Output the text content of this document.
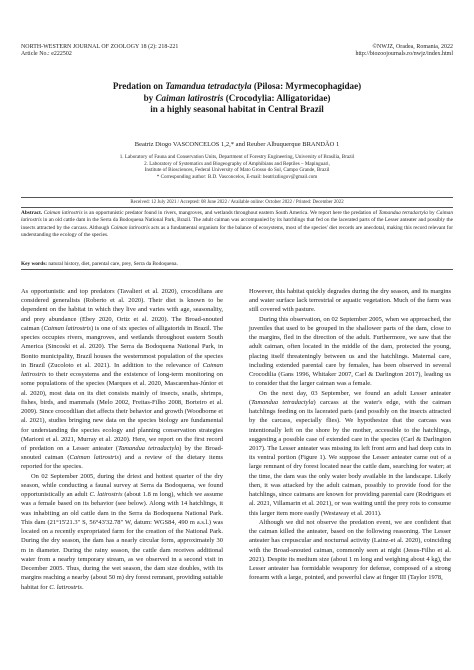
NORTH-WESTERN JOURNAL OF ZOOLOGY 18 (2): 218-221
Article No.: e222502
©NWJZ, Oradea, Romania, 2022
http://biozoojournals.ro/nwjz/index.html
Predation on Tamandua tetradactyla (Pilosa: Myrmecophagidae)
by Caiman latirostris (Crocodylia: Alligatoridae)
in a highly seasonal habitat in Central Brazil
Beatriz Diogo VASCONCELOS 1,2,* and Reuber Albuquerque BRANDÃO 1
1. Laboratory of Fauna and Conservation Units, Department of Forestry Engineering, University of Brasília, Brazil
2. Laboratory of Systematics and Biogeography of Amphibians and Reptiles – Mapinguari,
Institute of Biosciences, Federal University of Mato Grosso do Sul, Campo Grande, Brazil
* Corresponding author: B.D. Vasconcelos, E-mail: beatrizdiogov@gmail.com
Received: 12 July 2021 / Accepted: 08 June 2022 / Available online: October 2022 / Printed: December 2022
Abstract. Caiman latirostris is an opportunistic predator found in rivers, mangroves, and wetlands throughout eastern South America. We report here the predation of Tamandua tetradactyla by Caiman latirostris in an old cattle dam in the Serra da Bodoquena National Park, Brazil. The adult caiman was accompanied by its hatchlings that fed on the lacerated parts of the Lesser anteater and possibly the insects attracted by the carcass. Although Caiman latirostris acts as a fundamental organism for the balance of ecosystems, most of the species' diet records are anecdotal, making this record relevant for understanding the ecology of the species.
Key words: natural history, diet, parental care, prey, Serra da Bodoquena.

As opportunistic and top predators (Tavalieri et al. 2020), crocodilians are considered generalists (Roberto et al. 2020). Their diet is known to be dependent on the habitat in which they live and varies with age, seasonality, and prey abundance (Ebey 2020, Ortiz et al. 2020). The Broad-snouted caiman (Caiman latirostris) is one of six species of alligatorids in Brazil. The species occupies rivers, mangroves, and wetlands throughout eastern South America (Sincoski et al. 2020). The Serra da Bodoquena National Park, in Bonito municipality, Brazil houses the westernmost population of the species in Brazil (Zucoloto et al. 2021). In addition to the relevance of Caiman latirostris to their ecosystems and the existence of long-term monitoring on some populations of the species (Marques et al. 2020, Mascarenhas-Júnior et al. 2020), most data on its diet consists mainly of insects, snails, shrimps, fishes, birds, and mammals (Melo 2002, Freitas-Filho 2008, Borteiro et al. 2009). Since crocodilian diet affects their behavior and growth (Woodborne et al. 2021), studies bringing new data on the species biology are fundamental for understanding the species ecology and planning conservation strategies (Marioni et al. 2021, Murray et al. 2020). Here, we report on the first record of predation on a Lesser anteater (Tamandua tetradactyla) by the Broad-snouted caiman (Caiman latirostris) and a review of the dietary items reported for the species.

On 02 September 2005, during the driest and hottest quarter of the dry season, while conducting a faunal survey at Serra da Bodoquena, we found opportunistically an adult C. latirostris (about 1.8 m long), which we assume was a female based on its behavior (see below). Along with 14 hatchlings, it was inhabiting an old cattle dam in the Serra da Bodoquena National Park. This dam (21°15'21.3" S, 56°43'32.78" W, datum: WGS84, 490 m a.s.l.) was located on a recently expropriated farm for the creation of the National Park. During the dry season, the dam has a nearly circular form, approximately 30 m in diameter. During the rainy season, the cattle dam receives additional water from a nearby temporary stream, as we observed in a second visit in December 2005. Thus, during the wet season, the dam size doubles, with its margins reaching a nearby (about 50 m) dry forest remnant, providing suitable habitat for C. latirostris.

However, this habitat quickly degrades during the dry season, and its margins and water surface lack terrestrial or aquatic vegetation. Much of the farm was still covered with pasture.

During this observation, on 02 September 2005, when we approached, the juveniles that used to be grouped in the shallower parts of the dam, close to the margins, fled in the direction of the adult. Furthermore, we saw that the adult caiman, often located in the middle of the dam, protected the young, placing itself threateningly between us and the hatchlings. Maternal care, including extended parental care by females, has been observed in several Crocodilia (Gans 1996, Whitaker 2007, Carl & Darlington 2017), leading us to consider that the larger caiman was a female.

On the next day, 03 September, we found an adult Lesser anteater (Tamandua tetradactyla) carcass at the water's edge, with the caiman hatchlings feeding on its lacerated parts (and possibly on the insects attracted by the carcass, especially flies). We hypothesize that the carcass was intentionally left on the shore by the mother, accessible to the hatchlings, suggesting a possible case of extended care in the species (Carl & Darlington 2017). The Lesser anteater was missing its left front arm and had deep cuts in its ventral portion (Figure 1). We suppose the Lesser anteater came out of a large remnant of dry forest located near the cattle dam, searching for water; at the time, the dam was the only water body available in the landscape. Likely then, it was attacked by the adult caiman, possibly to provide food for the hatchlings, since caimans are known for providing parental care (Rodrigues et al. 2021, Villamarin et al. 2021), or was waiting until the prey rots to consume this larger item more easily (Westaway et al. 2011).

Although we did not observe the predation event, we are confident that the caiman killed the anteater, based on the following reasoning. The Lesser anteater has crepuscular and nocturnal activity (Lainz-et al. 2020), coinciding with the Broad-snouted caiman, commonly seen at night (Jesus-Filho et al. 2021). Despite its medium size (about 1 m long and weighing about 4 kg), the Lesser anteater has formidable weaponry for defense, composed of a strong forearm with a large, pointed, and powerful claw at finger III (Taylor 1978,
